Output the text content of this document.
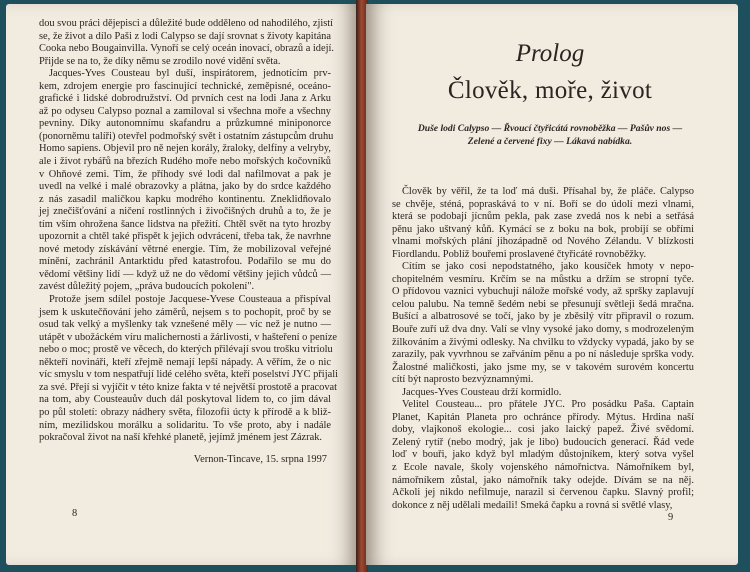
dou svou práci dějepisci a důležité bude odděleno od nahodilého, zjistí
se, že život a dílo Paši z lodi Calypso se dají srovnat s životy kapitána
Cooka nebo Bougainvilla. Vynoří se celý oceán inovací, obrazů a idejí.
Přijde se na to, že díky němu se zrodilo nové vidění světa.
Jacques-Yves Cousteau byl duší, inspirátorem, jednotícím prv-
kem, zdrojem energie pro fascinující technické, zeměpisné, oceáno-
grafické i lidské dobrodružství. Od prvních cest na lodi Jana z Arku
až po odyseu Calypso poznal a zamiloval si všechna moře a všechny
pevniny. Díky autonomnímu skafandru a průzkumné miniponorce
(ponorněmu talíři) otevřel podmořský svět i ostatním zástupcům druhu
Homo sapiens. Objevil pro ně nejen korály, žraloky, delfíny a velryby,
ale i život rybářů na březích Rudého moře nebo mořských kočovníků
v Ohňové zemi. Tím, že příhody své lodi dal nafilmovat a pak je
uvedl na velké i malé obrazovky a plátna, jako by do srdce každého
z nás zasadil maličkou kapku modrého kontinentu. Zneklidňovalo
jej znečišťování a ničení rostlinných i živočišných druhů a to, že je
tím vším ohrožena šance lidstva na přežití. Chtěl svět na tyto hrozby
upozornit a chtěl také přispět k jejich odvrácení, třeba tak, že navrhne
nové metody získávání větrné energie. Tím, že mobilizoval veřejné
mínění, zachránil Antarktidu před katastrofou. Podařilo se mu do
vědomí většiny lidí — když už ne do vědomí většiny jejich vůdců —
zavést důležitý pojem, „práva budoucích pokolení".
Protože jsem sdílel postoje Jacquese-Yvese Cousteaua a přispíval
jsem k uskutečňování jeho záměrů, nejsem s to pochopit, proč by se
osud tak velký a myšlenky tak vznešené měly — víc než je nutno —
utápět v ubožáckém víru malichernosti a žárlivosti, v hašteření o peníze
nebo o moc; prostě ve věcech, do kterých přilévají svou trošku vitriolu
někteří novináři, kteří zřejmě nemají lepší nápady. A věřím, že o nic
víc smyslu v tom nespatřují lidé celého světa, kteří poselství JYC přijali
za své. Přejí si vyjíčit v této knize fakta v té největší prostotě a pracovat
na tom, aby Cousteauův duch dál poskytoval lidem to, co jim dával
po půl století: obrazy nádhery světa, filozofii úcty k přírodě a k bliž-
ním, mezilidskou morálku a solidaritu. To vše proto, aby i nadále
pokračoval život na naší křehké planetě, jejímž jménem jest Zázrak.
Vernon-Tincave, 15. srpna 1997
8
Prolog
Člověk, moře, život
Duše lodi Calypso — Řvoucí čtyřicátá rovnoběžka — Pašův nos —
Zelené a červené fixy — Lákavá nabídka.
Člověk by věřil, že ta loď má duši. Přísahal by, že pláče. Calypso
se chvěje, sténá, popraskává to v ní. Boří se do údolí mezi vlnami,
která se podobají jícnům pekla, pak zase zvedá nos k nebi a setřásá
pěnu jako uštvaný kůň. Kymácí se z boku na bok, probíjí se obřími
vlnami mořských plání jihozápadně od Nového Zélandu. V blízkosti
Fiordlandu. Poblíž bouřemi proslavené čtyřicáté rovnoběžky.
Cítím se jako cosi nepodstatného, jako kousíček hmoty v nepo-
chopitelném vesmíru. Krčím se na můstku a držím se stropní tyče.
O přídovou vaznici vybuchují nálože mořské vody, až spršky zaplavují
celou palubu. Na temně šedém nebi se přesunují světleji šedá mračna.
Bušící a albatrosové se točí, jako by je zběsilý vítr připravil o rozum.
Bouře zuří už dva dny. Valí se vlny vysoké jako domy, s modrozeleným
žilkováním a živými odlesky. Na chvilku to vždycky vypadá, jako by se
zarazily, pak vyvrhnou se zařváním pěnu a po ní následuje sprška vody.
Žalostné maličkosti, jako jsme my, se v takovém surovém koncertu
cítí být naprosto bezvýznamnými.
Jacques-Yves Cousteau drží kormidlo.
Velitel Cousteau... pro přátele JYC. Pro posádku Paša. Captain
Planet, Kapitán Planeta pro ochránce přírody. Mýtus. Hrdina naší
doby, vlajkonoš ekologie... cosi jako laický papež. Živé svědomí.
Zelený rytíř (nebo modrý, jak je libo) budoucích generací. Řád vede
loď v bouři, jako když byl mladým důstojníkem, který sotva vyšel
z Ecole navale, školy vojenského námořnictva. Námořníkem byl,
námořníkem zůstal, jako námořník taky odejde. Dívám se na něj.
Ačkoli jej nikdo nefilmuje, narazil si červenou čapku. Slavný profil;
dokonce z něj udělali medaili! Smeká čapku a rovná si světlé vlasy,
9
